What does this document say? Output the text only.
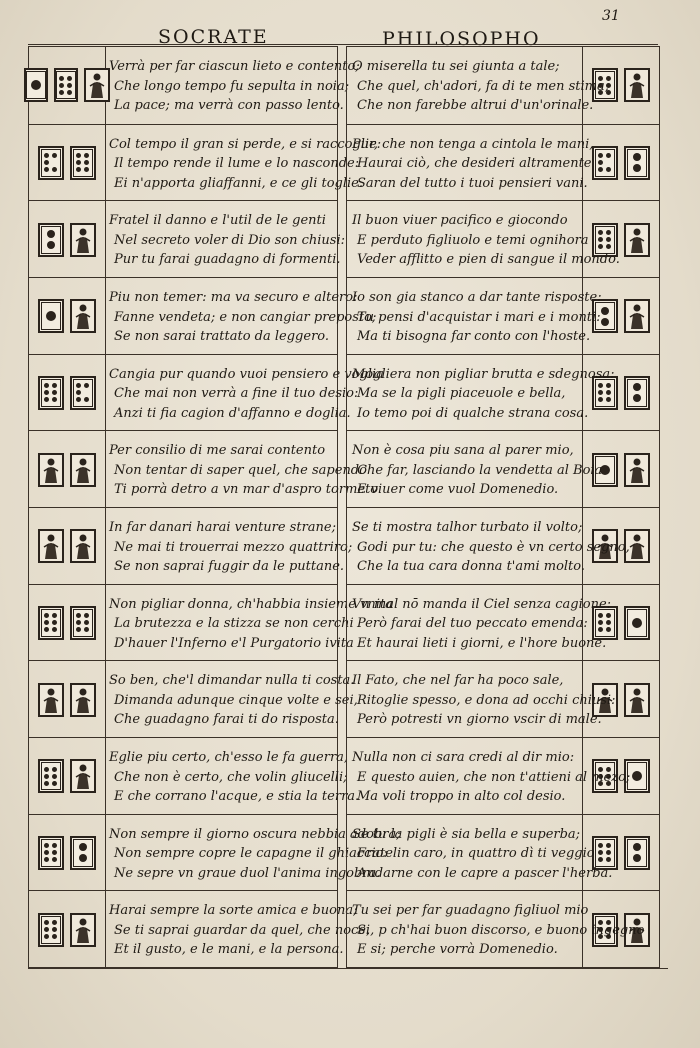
SOCRATE	PHILOSOPHO
31
Verrà per far ciascun lieto e contento;
Che longo tempo fu sepulta in noia;
La pace; ma verrà con passo lento.
Col tempo il gran si perde, e si raccoglie:
Il tempo rende il lume e lo nasconde:
Ei n'apporta gliaffanni, e ce gli toglie.
Fratel il danno e l'util de le genti
Nel secreto voler di Dio son chiusi:
Pur tu farai guadagno di formenti.
Piu non temer: ma va securo e altero:
Fanne vendeta; e non cangiar preposto;
Se non sarai trattato da leggero.
Cangia pur quando vuoi pensiero e voglia
Che mai non verrà a fine il tuo desio:
Anzi ti fia cagion d'affanno e doglia.
Per consilio di me sarai contento
Non tentar di saper quel, che sapendo
Ti porrà detro a vn mar d'aspro tormeto
In far danari harai venture strane;
Ne mai ti trouerrai mezzo quattriro;
Se non saprai fuggir da le puttane.
Non pigliar donna, ch'habbia insieme vnita
La brutezza e la stizza se non cerchi
D'hauer l'Inferno e'l Purgatorio ivita
So ben, che'l dimandar nulla ti costa.
Dimanda adunque cinque volte e sei,
Che guadagno farai ti do risposta.
Eglie piu certo, ch'esso le fa guerra,
Che non è certo, che volin gliucelli;
E che corrano l'acque, e stia la terra.
Non sempre il giorno oscura nebbia adobra;
Non sempre copre le capagne il ghiaccio:
Ne sepre vn graue duol l'anima ingobra.
Harai sempre la sorte amica e buona;
Se ti saprai guardar da quel, che noce,
Et il gusto, e le mani, e la persona.
O miserella tu sei giunta a tale;
Che quel, ch'adori, fa di te men stima,
Che non farebbe altrui d'un'orinale.
Pur, che non tenga a cintola le mani,
Haurai ciò, che desideri altramente
Saran del tutto i tuoi pensieri vani.
Il buon viuer pacifico e giocondo
E perduto figliuolo e temi ognihora
Veder afflitto e pien di sangue il mondo.
Io son gia stanco a dar tante risposte:
Tu pensi d'acquistar i mari e i monti:
Ma ti bisogna far conto con l'hoste.
Mogliera non pigliar brutta e sdegnosa:
Ma se la pigli piaceuole e bella,
Io temo poi di qualche strana cosa.
Non è cosa piu sana al parer mio,
Che far, lasciando la vendetta al Boia
E viuer come vuol Domenedio.
Se ti mostra talhor turbato il volto;
Godi pur tu: che questo è vn certo segno,
Che la tua cara donna t'ami molto.
Vn mal nō manda il Ciel senza cagione:
Però farai del tuo peccato emenda:
Et haurai lieti i giorni, e l'hore buone.
Il Fato, che nel far ha poco sale,
Ritoglie spesso, e dona ad occhi chiusi:
Però potresti vn giorno vscir di male.
Nulla non ci sara credi al dir mio:
E questo auien, che non t'attieni al mezo;
Ma voli troppo in alto col desio.
Se tu la pigli è sia bella e superba;
Fratelin caro, in quattro dì ti veggio
Andarne con le capre a pascer l'herba.
Tu sei per far guadagno figliuol mio
Si, p ch'hai buon discorso, e buono ingegno
E si; perche vorrà Domenedio.
